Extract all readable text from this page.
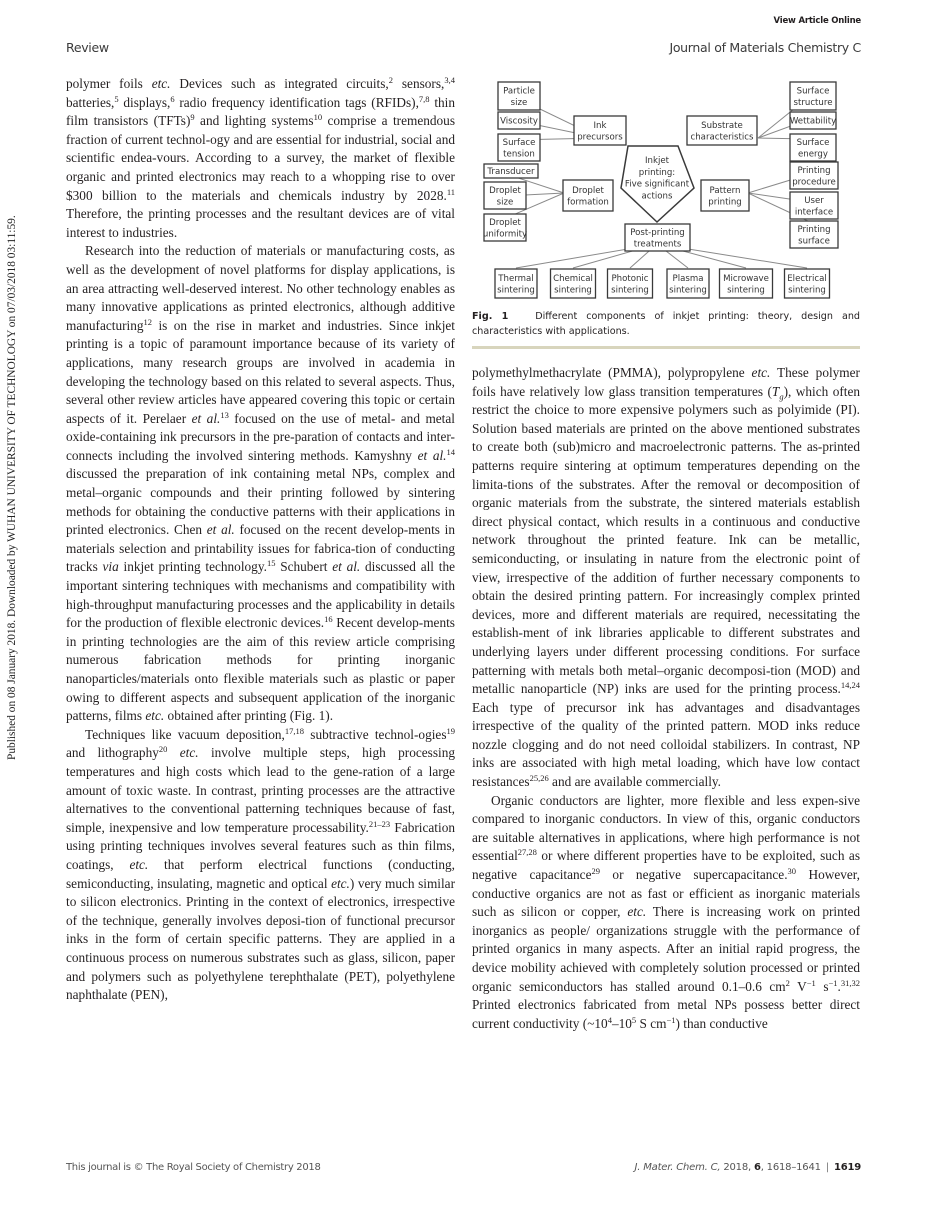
View Article Online
Review	Journal of Materials Chemistry C
Published on 08 January 2018. Downloaded by WUHAN UNIVERSITY OF TECHNOLOGY on 07/03/2018 03:11:59.

polymer foils etc. Devices such as integrated circuits,$^2$ sensors,$^{3,4}$ batteries,$^5$ displays,$^6$ radio frequency identification tags (RFIDs),$^{7,8}$ thin film transistors (TFTs)$^9$ and lighting systems$^{10}$ comprise a tremendous fraction of current technol-ogy and are essential for industrial, social and scientific endea-vours. According to a survey, the market of flexible organic and printed electronics may reach to a whopping rise to over $300 billion to the materials and chemicals industry by 2028.11 Therefore, the printing processes and the resultant devices are of vital interest to industries.

Research into the reduction of materials or manufacturing costs, as well as the development of novel platforms for display applications, is an area attracting well-deserved interest. No other technology enables as many innovative applications as printed electronics, although additive manufacturing$^{12}$ is on the rise in market and industries. Since inkjet printing is a topic of paramount importance because of its variety of applications, many research groups are involved in academia in developing the technology based on this related to several aspects. Thus, several other review articles have appeared covering this topic or certain aspects of it. Perelaer et al.$^{13}$ focused on the use of metal- and metal oxide-containing ink precursors in the pre-paration of contacts and inter-connects including the involved sintering methods. Kamyshny et al.$^{14}$ discussed the preparation of ink containing metal NPs, complex and metal–organic compounds and their printing followed by sintering methods for obtaining the conductive patterns with their applications in printed electronics. Chen et al. focused on the recent develop-ments in materials selection and printability issues for fabrica-tion of conducting tracks via inkjet printing technology.$^{15}$ Schubert et al. discussed all the important sintering techniques with mechanisms and compatibility with high-throughput manufacturing processes and the applicability in details for the production of flexible electronic devices.$^{16}$ Recent develop-ments in printing technologies are the aim of this review article comprising numerous fabrication methods for printing inorganic nanoparticles/materials onto flexible materials such as plastic or paper owing to different aspects and subsequent application of the inorganic patterns, films etc. obtained after printing (Fig. 1).

Techniques like vacuum deposition,$^{17,18}$ subtractive technol-ogies$^{19}$ and lithography$^{20}$ etc. involve multiple steps, high processing temperatures and high costs which lead to the gene-ration of a large amount of toxic waste. In contrast, printing processes are the attractive alternatives to the conventional patterning techniques because of fast, simple, inexpensive and low temperature processability.$^{21-23}$ Fabrication using printing techniques involves several features such as thin films, coatings, etc. that perform electrical functions (conducting, semiconducting, insulating, magnetic and optical etc.) very much similar to silicon electronics. Printing in the context of electronics, irrespective of the technique, generally involves deposi-tion of functional precursor inks in the form of certain specific patterns. They are applied in a continuous process on numerous substrates such as glass, silicon, paper and polymers such as polyethylene terephthalate (PET), polyethylene naphthalate (PEN),

Inkjet
printing:
Five significant
actions
Ink
precursors
Substrate
characteristics
Droplet
formation
Pattern
printing
Post-printing
treatments
Particle
size
Viscosity
Surface
tension
Surface
structure
Wettability
Surface
energy
Transducer
Droplet
size
Droplet
uniformity
Printing
procedure
User
interface
Printing
surface
Thermal
sintering
Chemical
sintering
Photonic
sintering
Plasma
sintering
Microwave
sintering
Electrical
sintering
Fig. 1	Different components of inkjet printing: theory, design and characteristics with applications.

polymethylmethacrylate (PMMA), polypropylene etc. These polymer foils have relatively low glass transition temperatures $(T_g)$, which often restrict the choice to more expensive polymers such as polyimide (PI). Solution based materials are printed on the above mentioned substrates to create both (sub)micro and macroelectronic patterns. The as-printed patterns require sintering at optimum temperatures depending on the limita-tions of the substrates. After the removal or decomposition of organic materials from the substrate, the sintered materials establish direct physical contact, which results in a continuous and conductive network throughout the printed feature. Ink can be metallic, semiconducting, or insulating in nature from the electronic point of view, irrespective of the addition of further necessary components to obtain the desired printing pattern. For increasingly complex printed devices, more and different materials are required, necessitating the establish-ment of ink libraries applicable to different substrates and underlying layers under different processing conditions. For surface patterning with metals both metal–organic decomposi-tion (MOD) and metallic nanoparticle (NP) inks are used for the printing process.$^{14,24}$ Each type of precursor ink has advantages and disadvantages irrespective of the quality of the printed pattern. MOD inks reduce nozzle clogging and do not need colloidal stabilizers. In contrast, NP inks are associated with high metal loading, which have low contact resistances$^{25,26}$ and are available commercially.

Organic conductors are lighter, more flexible and less expen-sive compared to inorganic conductors. In view of this, organic conductors are suitable alternatives in applications, where high performance is not essential$^{27,28}$ or where different properties have to be exploited, such as negative capacitance$^{29}$ or negative supercapacitance.$^{30}$ However, conductive organics are not as fast or efficient as inorganic materials such as silicon or copper, etc. There is increasing work on printed inorganics as people/ organizations struggle with the performance of printed organics in many aspects. After an initial rapid progress, the device mobility achieved with completely solution processed or printed organic semiconductors has stalled around 0.1–0.6 $cm^2$ $V^{-1}$ $s^{-1}.^{31,32}$ Printed electronics fabricated from metal NPs possess better direct current conductivity ($\sim 10^4-10^5$ S $cm^{-1}$) than conductive

This journal is © The Royal Society of Chemistry 2018	J. Mater. Chem. C, 2018, 6, 1618–1641 | 1619
